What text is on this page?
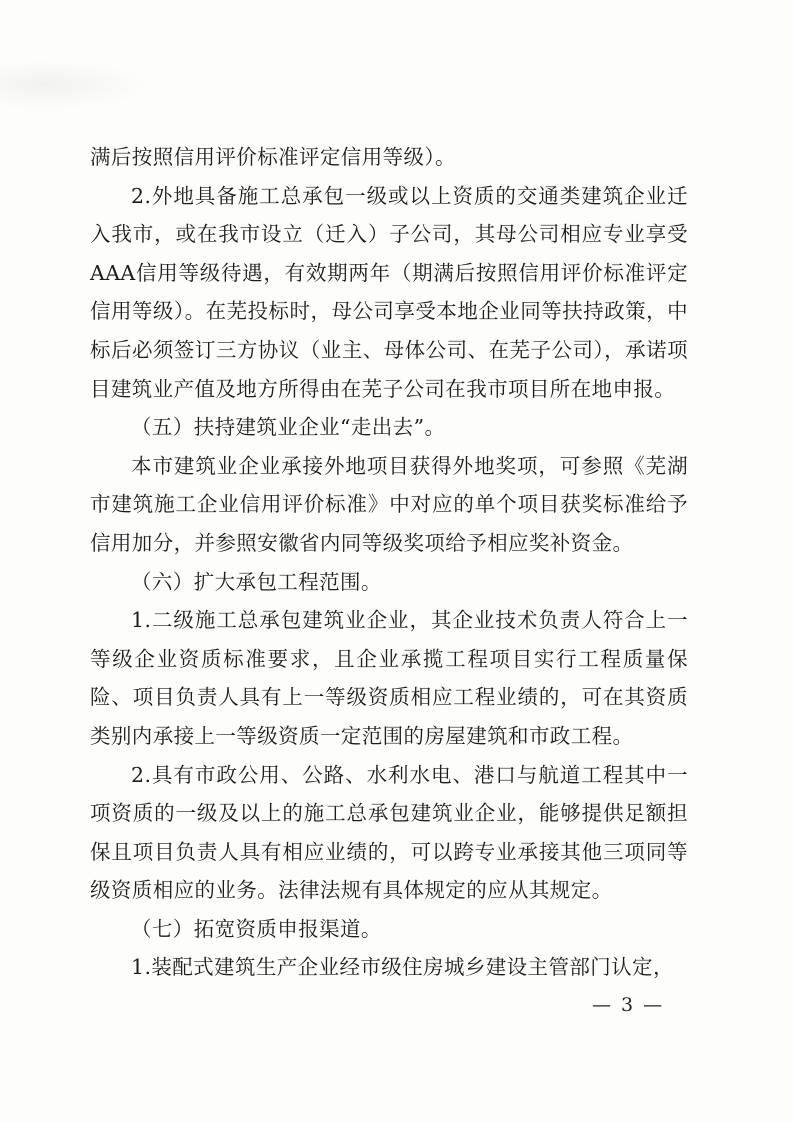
满后按照信用评价标准评定信用等级）。

2.外地具备施工总承包一级或以上资质的交通类建筑企业迁入我市，或在我市设立（迁入）子公司，其母公司相应专业享受AAA信用等级待遇，有效期两年（期满后按照信用评价标准评定信用等级）。在芜投标时，母公司享受本地企业同等扶持政策，中标后必须签订三方协议（业主、母体公司、在芜子公司），承诺项目建筑业产值及地方所得由在芜子公司在我市项目所在地申报。

（五）扶持建筑业企业“走出去”。

本市建筑业企业承接外地项目获得外地奖项，可参照《芜湖市建筑施工企业信用评价标准》中对应的单个项目获奖标准给予信用加分，并参照安徽省内同等级奖项给予相应奖补资金。

（六）扩大承包工程范围。

1.二级施工总承包建筑业企业，其企业技术负责人符合上一等级企业资质标准要求，且企业承揽工程项目实行工程质量保险、项目负责人具有上一等级资质相应工程业绩的，可在其资质类别内承接上一等级资质一定范围的房屋建筑和市政工程。

2.具有市政公用、公路、水利水电、港口与航道工程其中一项资质的一级及以上的施工总承包建筑业企业，能够提供足额担保且项目负责人具有相应业绩的，可以跨专业承接其他三项同等级资质相应的业务。法律法规有具体规定的应从其规定。

（七）拓宽资质申报渠道。

1.装配式建筑生产企业经市级住房城乡建设主管部门认定，

— 3 —
